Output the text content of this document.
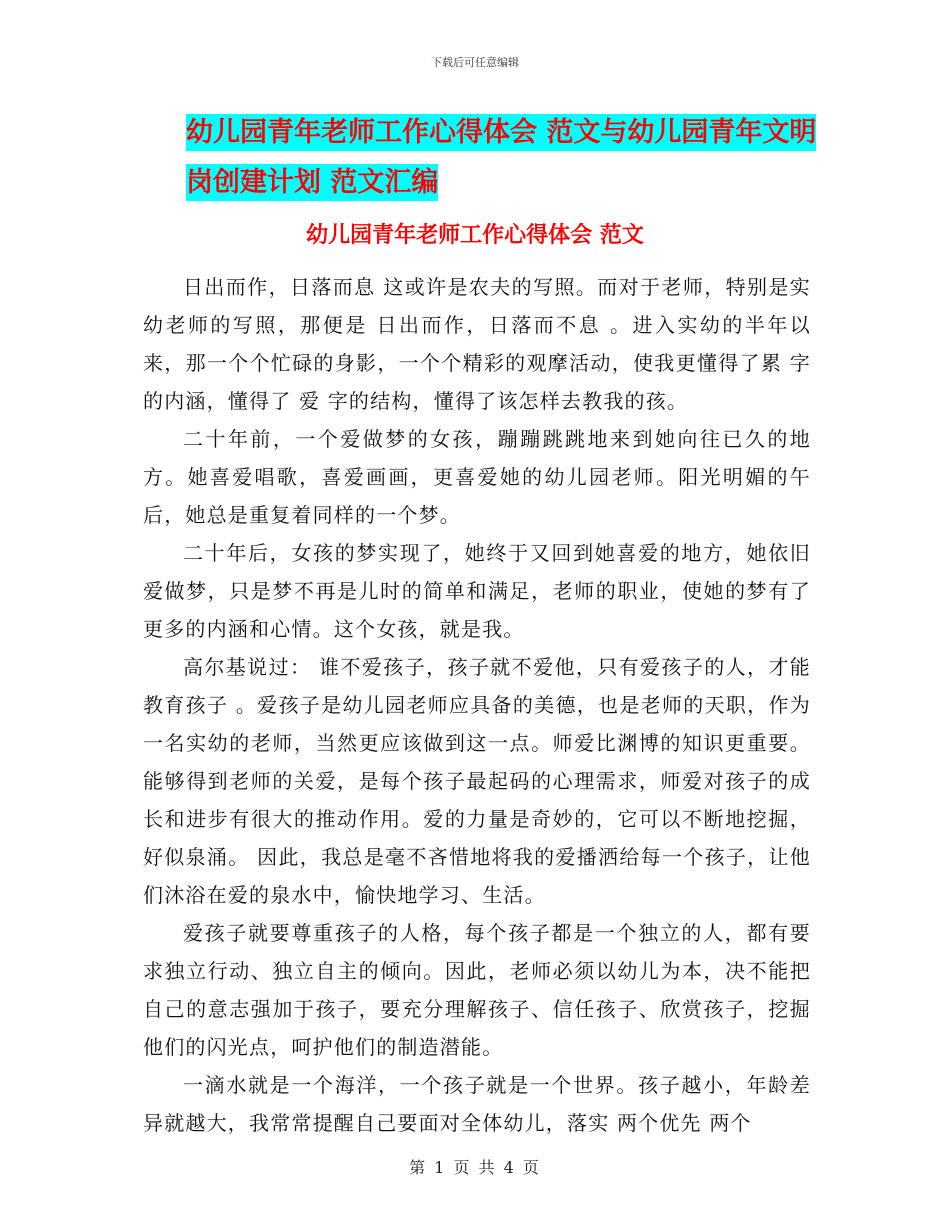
下载后可任意编辑
幼儿园青年老师工作心得体会 范文与幼儿园青年文明
岗创建计划 范文汇编
幼儿园青年老师工作心得体会 范文

日出而作，日落而息 这或许是农夫的写照。而对于老师，特别是实幼老师的写照，那便是 日出而作，日落而不息 。进入实幼的半年以来，那一个个忙碌的身影，一个个精彩的观摩活动，使我更懂得了累 字的内涵，懂得了 爱 字的结构，懂得了该怎样去教我的孩。

二十年前，一个爱做梦的女孩，蹦蹦跳跳地来到她向往已久的地方。她喜爱唱歌，喜爱画画，更喜爱她的幼儿园老师。阳光明媚的午后，她总是重复着同样的一个梦。

二十年后，女孩的梦实现了，她终于又回到她喜爱的地方，她依旧爱做梦，只是梦不再是儿时的简单和满足，老师的职业，使她的梦有了更多的内涵和心情。这个女孩，就是我。

高尔基说过： 谁不爱孩子，孩子就不爱他，只有爱孩子的人，才能教育孩子 。爱孩子是幼儿园老师应具备的美德，也是老师的天职，作为一名实幼的老师，当然更应该做到这一点。师爱比渊博的知识更重要。能够得到老师的关爱，是每个孩子最起码的心理需求，师爱对孩子的成长和进步有很大的推动作用。爱的力量是奇妙的，它可以不断地挖掘，好似泉涌。 因此，我总是毫不吝惜地将我的爱播洒给每一个孩子，让他们沐浴在爱的泉水中，愉快地学习、生活。

爱孩子就要尊重孩子的人格，每个孩子都是一个独立的人，都有要求独立行动、独立自主的倾向。因此，老师必须以幼儿为本，决不能把自己的意志强加于孩子，要充分理解孩子、信任孩子、欣赏孩子，挖掘他们的闪光点，呵护他们的制造潜能。

一滴水就是一个海洋，一个孩子就是一个世界。孩子越小，年龄差异就越大，我常常提醒自己要面对全体幼儿，落实 两个优先 两个

第 1 页 共 4 页
